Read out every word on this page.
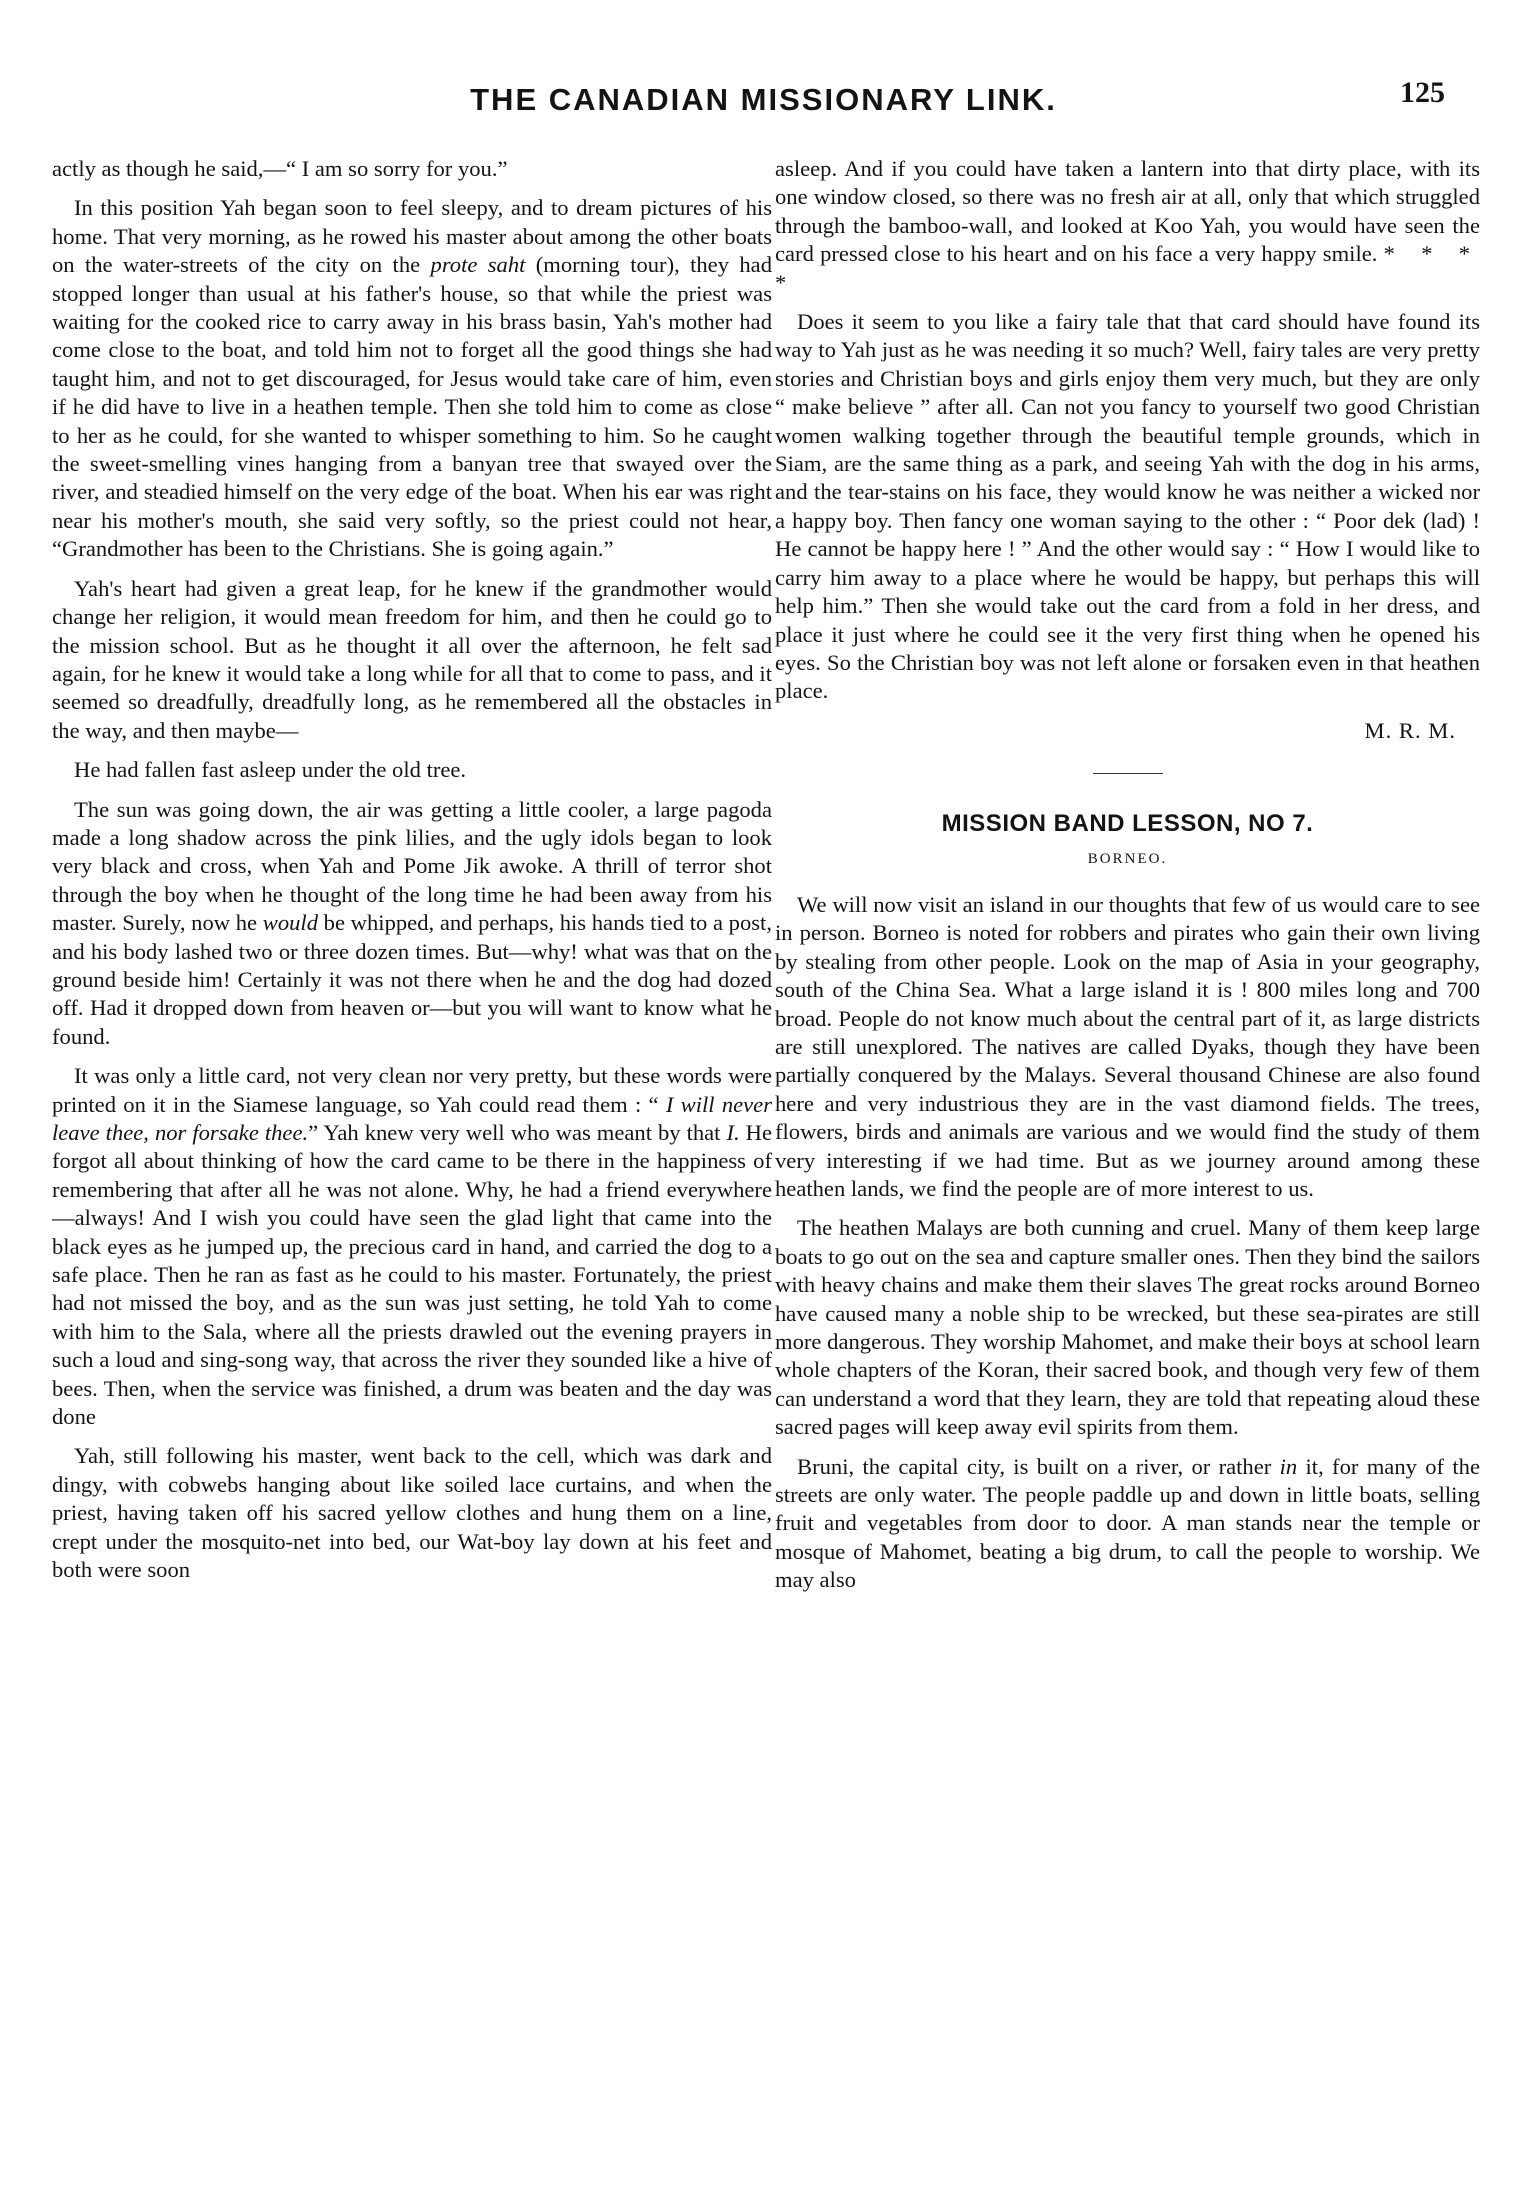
THE CANADIAN MISSIONARY LINK.	125

actly as though he said,—“ I am so sorry for you.”

In this position Yah began soon to feel sleepy, and to dream pictures of his home. That very morning, as he rowed his master about among the other boats on the water-streets of the city on the prote saht (morning tour), they had stopped longer than usual at his father's house, so that while the priest was waiting for the cooked rice to carry away in his brass basin, Yah's mother had come close to the boat, and told him not to forget all the good things she had taught him, and not to get discouraged, for Jesus would take care of him, even if he did have to live in a heathen temple. Then she told him to come as close to her as he could, for she wanted to whisper something to him. So he caught the sweet-smelling vines hanging from a banyan tree that swayed over the river, and steadied himself on the very edge of the boat. When his ear was right near his mother's mouth, she said very softly, so the priest could not hear, “Grandmother has been to the Christians. She is going again.”

Yah's heart had given a great leap, for he knew if the grandmother would change her religion, it would mean freedom for him, and then he could go to the mission school. But as he thought it all over the afternoon, he felt sad again, for he knew it would take a long while for all that to come to pass, and it seemed so dreadfully, dreadfully long, as he remembered all the obstacles in the way, and then maybe—

He had fallen fast asleep under the old tree.

The sun was going down, the air was getting a little cooler, a large pagoda made a long shadow across the pink lilies, and the ugly idols began to look very black and cross, when Yah and Pome Jik awoke. A thrill of terror shot through the boy when he thought of the long time he had been away from his master. Surely, now he would be whipped, and perhaps, his hands tied to a post, and his body lashed two or three dozen times. But—why! what was that on the ground beside him! Certainly it was not there when he and the dog had dozed off. Had it dropped down from heaven or—but you will want to know what he found.

It was only a little card, not very clean nor very pretty, but these words were printed on it in the Siamese language, so Yah could read them : “ I will never leave thee, nor forsake thee.” Yah knew very well who was meant by that I. He forgot all about thinking of how the card came to be there in the happiness of remembering that after all he was not alone. Why, he had a friend everywhere—always! And I wish you could have seen the glad light that came into the black eyes as he jumped up, the precious card in hand, and carried the dog to a safe place. Then he ran as fast as he could to his master. Fortunately, the priest had not missed the boy, and as the sun was just setting, he told Yah to come with him to the Sala, where all the priests drawled out the evening prayers in such a loud and sing-song way, that across the river they sounded like a hive of bees. Then, when the service was finished, a drum was beaten and the day was done

Yah, still following his master, went back to the cell, which was dark and dingy, with cobwebs hanging about like soiled lace curtains, and when the priest, having taken off his sacred yellow clothes and hung them on a line, crept under the mosquito-net into bed, our Wat-boy lay down at his feet and both were soon

asleep. And if you could have taken a lantern into that dirty place, with its one window closed, so there was no fresh air at all, only that which struggled through the bamboo-wall, and looked at Koo Yah, you would have seen the card pressed close to his heart and on his face a very happy smile. * * * *

Does it seem to you like a fairy tale that that card should have found its way to Yah just as he was needing it so much? Well, fairy tales are very pretty stories and Christian boys and girls enjoy them very much, but they are only “ make believe ” after all. Can not you fancy to yourself two good Christian women walking together through the beautiful temple grounds, which in Siam, are the same thing as a park, and seeing Yah with the dog in his arms, and the tear-stains on his face, they would know he was neither a wicked nor a happy boy. Then fancy one woman saying to the other : “ Poor dek (lad) ! He cannot be happy here ! ” And the other would say : “ How I would like to carry him away to a place where he would be happy, but perhaps this will help him.” Then she would take out the card from a fold in her dress, and place it just where he could see it the very first thing when he opened his eyes. So the Christian boy was not left alone or forsaken even in that heathen place.

M. R. M.
MISSION BAND LESSON, NO 7.
BORNEO.

We will now visit an island in our thoughts that few of us would care to see in person. Borneo is noted for robbers and pirates who gain their own living by stealing from other people. Look on the map of Asia in your geography, south of the China Sea. What a large island it is ! 800 miles long and 700 broad. People do not know much about the central part of it, as large districts are still unexplored. The natives are called Dyaks, though they have been partially conquered by the Malays. Several thousand Chinese are also found here and very industrious they are in the vast diamond fields. The trees, flowers, birds and animals are various and we would find the study of them very interesting if we had time. But as we journey around among these heathen lands, we find the people are of more interest to us.

The heathen Malays are both cunning and cruel. Many of them keep large boats to go out on the sea and capture smaller ones. Then they bind the sailors with heavy chains and make them their slaves The great rocks around Borneo have caused many a noble ship to be wrecked, but these sea-pirates are still more dangerous. They worship Mahomet, and make their boys at school learn whole chapters of the Koran, their sacred book, and though very few of them can understand a word that they learn, they are told that repeating aloud these sacred pages will keep away evil spirits from them.

Bruni, the capital city, is built on a river, or rather in it, for many of the streets are only water. The people paddle up and down in little boats, selling fruit and vegetables from door to door. A man stands near the temple or mosque of Mahomet, beating a big drum, to call the people to worship. We may also
